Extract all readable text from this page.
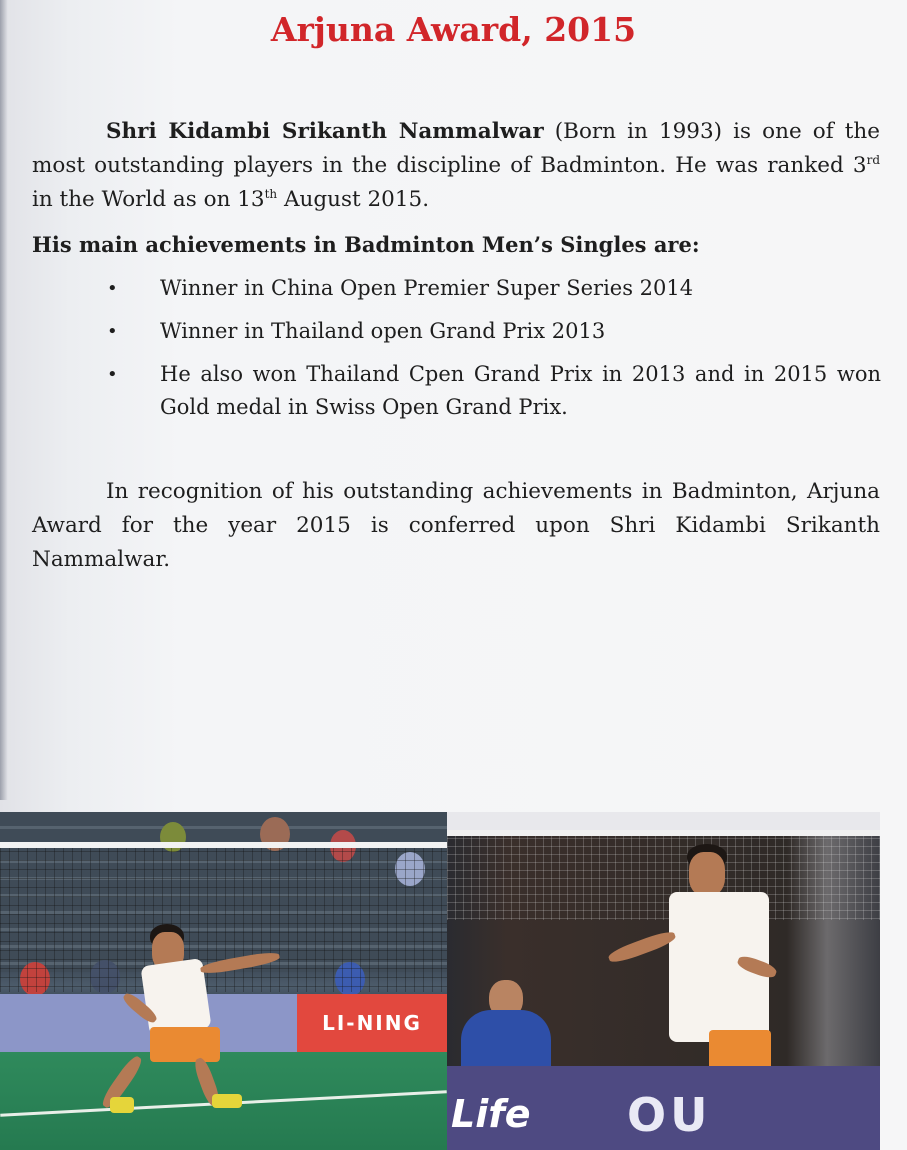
Arjuna Award, 2015

Shri Kidambi Srikanth Nammalwar (Born in 1993) is one of the most outstanding players in the discipline of Badminton. He was ranked 3rd in the World as on 13th August 2015.

His main achievements in Badminton Men’s Singles are:

• Winner in China Open Premier Super Series 2014
• Winner in Thailand open Grand Prix 2013
• He also won Thailand Cpen Grand Prix in 2013 and in 2015 won Gold medal in Swiss Open Grand Prix.

In recognition of his outstanding achievements in Badminton, Arjuna Award for the year 2015 is conferred upon Shri Kidambi Srikanth Nammalwar.

LI-NING
Life OU
